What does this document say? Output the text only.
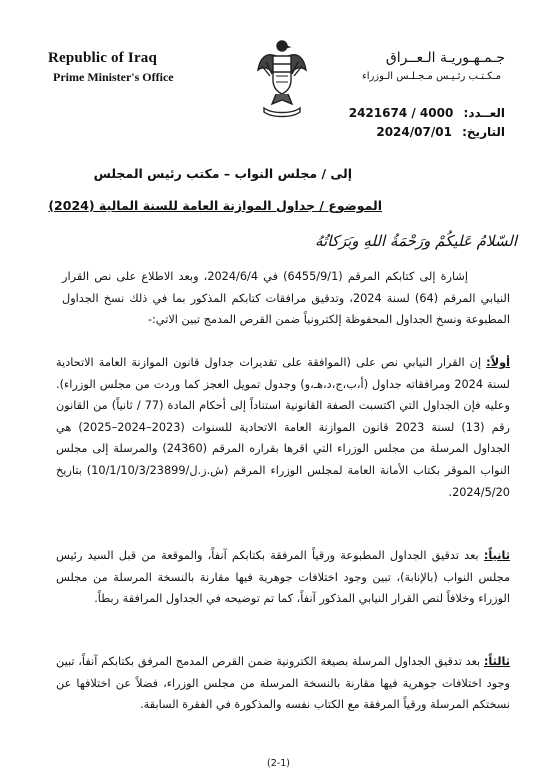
Republic of Iraq
Prime Minister's Office
جـمـهـوريـة الـعــراق
مـكـتـب رئـيـس مـجـلـس الـوزراء
العــدد: 2421674 / 4000
التاريخ: 2024/07/01
إلى / مجلس النواب – مكتب رئيس المجلس
الموضوع / جداول الموازنة العامة للسنة المالية (2024)
السّلامُ عَليكُمْ ورَحْمَةُ اللهِ وبَرَكاتُهُ
إشارة إلى كتابكم المرقم (6455/9/1) في 2024/6/4، وبعد الاطلاع على نص القرار النيابي المرقم (64) لسنة 2024، وتدقيق مرافقات كتابكم المذكور بما في ذلك نسخ الجداول المطبوعة ونسخ الجداول المحفوظة إلكترونياً ضمن القرص المدمج تبين الاتي:-
أولاً: إن القرار النيابي نص على (الموافقة على تقديرات جداول قانون الموازنة العامة الاتحادية لسنة 2024 ومرافقاته جداول (أ،ب،ج،د،هـ،و) وجدول تمويل العجز كما وردت من مجلس الوزراء). وعليه فإن الجداول التي اكتسبت الصفة القانونية استناداً إلى أحكام المادة (77 / ثانياً) من القانون رقم (13) لسنة 2023 قانون الموازنة العامة الاتحادية للسنوات (2023–2024–2025) هي الجداول المرسلة من مجلس الوزراء التي اقرها بقراره المرقم (24360) والمرسلة إلى مجلس النواب الموقر بكتاب الأمانة العامة لمجلس الوزراء المرقم (ش.ز.ل/10/1/10/3/23899) بتاريخ 2024/5/20.
ثانياً: بعد تدقيق الجداول المطبوعة ورقياً المرفقة بكتابكم آنفاً، والموقعة من قبل السيد رئيس مجلس النواب (بالإنابة)، تبين وجود اختلافات جوهرية فيها مقارنة بالنسخة المرسلة من مجلس الوزراء وخلافاً لنص القرار النيابي المذكور آنفاً، كما تم توضيحه في الجداول المرافقة ربطاً.
ثالثاً: بعد تدقيق الجداول المرسلة بصيغة الكترونية ضمن القرص المدمج المرفق بكتابكم آنفاً، تبين وجود اختلافات جوهرية فيها مقارنة بالنسخة المرسلة من مجلس الوزراء، فضلاً عن اختلافها عن نسختكم المرسلة ورقياً المرفقة مع الكتاب نفسه والمذكورة في الفقرة السابقة.
(2-1)
